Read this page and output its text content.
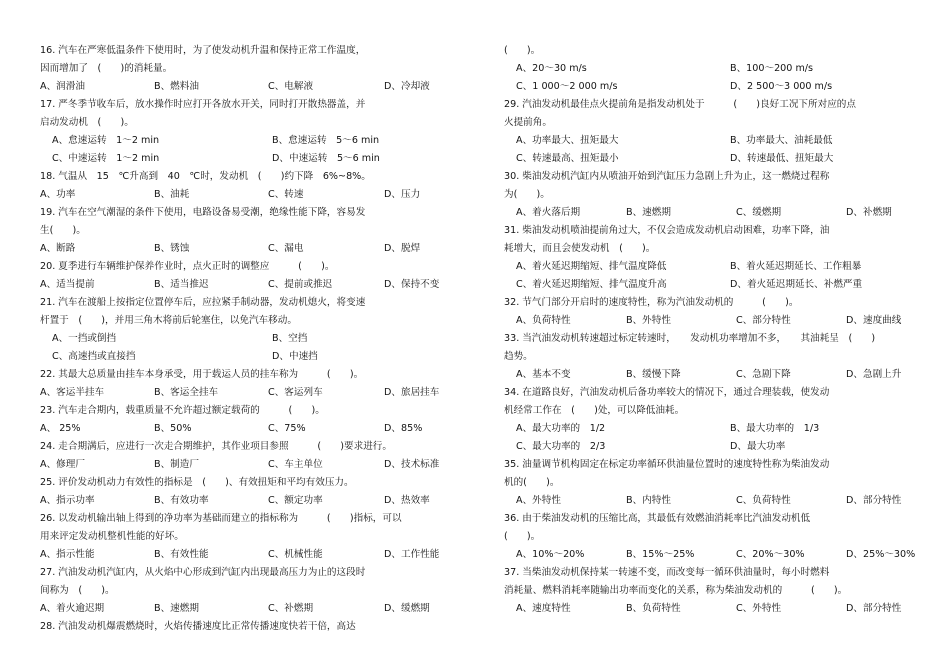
16. 汽车在严寒低温条件下使用时，为了使发动机升温和保持正常工作温度，
因而增加了　(　　)的消耗量。
A、润滑油	B、燃料油	C、电解液	D、冷却液
17. 严冬季节收车后，放水操作时应打开各放水开关，同时打开散热器盖，并
启动发动机　(　　)。
A、怠速运转　1～2 min	B、怠速运转　5～6 min
C、中速运转　1～2 min	D、中速运转　5～6 min
18. 气温从　15　℃升高到　40　℃时，发动机　(　　)约下降　6%~8%。
A、功率	B、油耗	C、转速	D、压力
19. 汽车在空气潮湿的条件下使用，电路设备易受潮，绝缘性能下降，容易发
生(　　)。
A、断路	B、锈蚀	C、漏电	D、脱焊
20. 夏季进行车辆维护保养作业时，点火正时的调整应　　　(　　)。
A、适当提前	B、适当推迟	C、提前或推迟	D、保持不变
21. 汽车在渡船上按指定位置停车后，应拉紧手制动器，发动机熄火，将变速
杆置于　(　　)，并用三角木将前后轮塞住，以免汽车移动。
A、一挡或倒挡	B、空挡
C、高速挡或直接挡	D、中速挡
22. 其最大总质量由挂车本身承受，用于载运人员的挂车称为　　　(　　)。
A、客运半挂车	B、客运全挂车	C、客运列车	D、旅居挂车
23. 汽车走合期内，载重质量不允许超过额定载荷的　　　(　　)。
A、 25%	B、50%	C、75%	D、85%
24. 走合期满后，应进行一次走合期维护，其作业项目参照　　　(　　)要求进行。
A、修理厂	B、制造厂	C、车主单位	D、技术标准
25. 评价发动机动力有效性的指标是　(　　)、有效扭矩和平均有效压力。
A、指示功率	B、有效功率	C、额定功率	D、热效率
26. 以发动机输出轴上得到的净功率为基础而建立的指标称为　　　(　　)指标，可以
用来评定发动机整机性能的好坏。
A、指示性能	B、有效性能	C、机械性能	D、工作性能
27. 汽油发动机汽缸内，从火焰中心形成到汽缸内出现最高压力为止的这段时
间称为　(　　)。
A、着火逾迟期	B、速燃期	C、补燃期	D、缓燃期
28. 汽油发动机爆震燃烧时，火焰传播速度比正常传播速度快若干倍，高达
(　　)。
A、20～30 m/s	B、100～200 m/s
C、1 000～2 000 m/s	D、2 500～3 000 m/s
29. 汽油发动机最佳点火提前角是指发动机处于　　　(　　)良好工况下所对应的点
火提前角。
A、功率最大、扭矩最大	B、功率最大、油耗最低
C、转速最高、扭矩最小	D、转速最低、扭矩最大
30. 柴油发动机汽缸内从喷油开始到汽缸压力急剧上升为止，这一燃烧过程称
为(　　)。
A、着火落后期	B、速燃期	C、缓燃期	D、补燃期
31. 柴油发动机喷油提前角过大，不仅会造成发动机启动困难，功率下降，油
耗增大，而且会使发动机　(　　)。
A、着火延迟期缩短、排气温度降低	B、着火延迟期延长、工作粗暴
C、着火延迟期缩短、排气温度升高	D、着火延迟期延长、补燃严重
32. 节气门部分开启时的速度特性，称为汽油发动机的　　　(　　)。
A、负荷特性	B、外特性	C、部分特性	D、速度曲线
33. 当汽油发动机转速超过标定转速时，　　发动机功率增加不多，　　其油耗呈　(　　)
趋势。
A、基本不变	B、缓慢下降	C、急剧下降	D、急剧上升
34. 在道路良好，汽油发动机后备功率较大的情况下，通过合理装载，使发动
机经常工作在　(　　)处，可以降低油耗。
A、最大功率的　1/2	B、最大功率的　1/3
C、最大功率的　2/3	D、最大功率
35. 油量调节机构固定在标定功率循环供油量位置时的速度特性称为柴油发动
机的(　　)。
A、外特性	B、内特性	C、负荷特性	D、部分特性
36. 由于柴油发动机的压缩比高，其最低有效燃油消耗率比汽油发动机低
(　　)。
A、10%～20%	B、15%～25%	C、20%～30%	D、25%～30%
37. 当柴油发动机保持某一转速不变，而改变每一循环供油量时，每小时燃料
消耗量、燃料消耗率随输出功率而变化的关系，称为柴油发动机的　　　(　　)。
A、速度特性	B、负荷特性	C、外特性	D、部分特性
